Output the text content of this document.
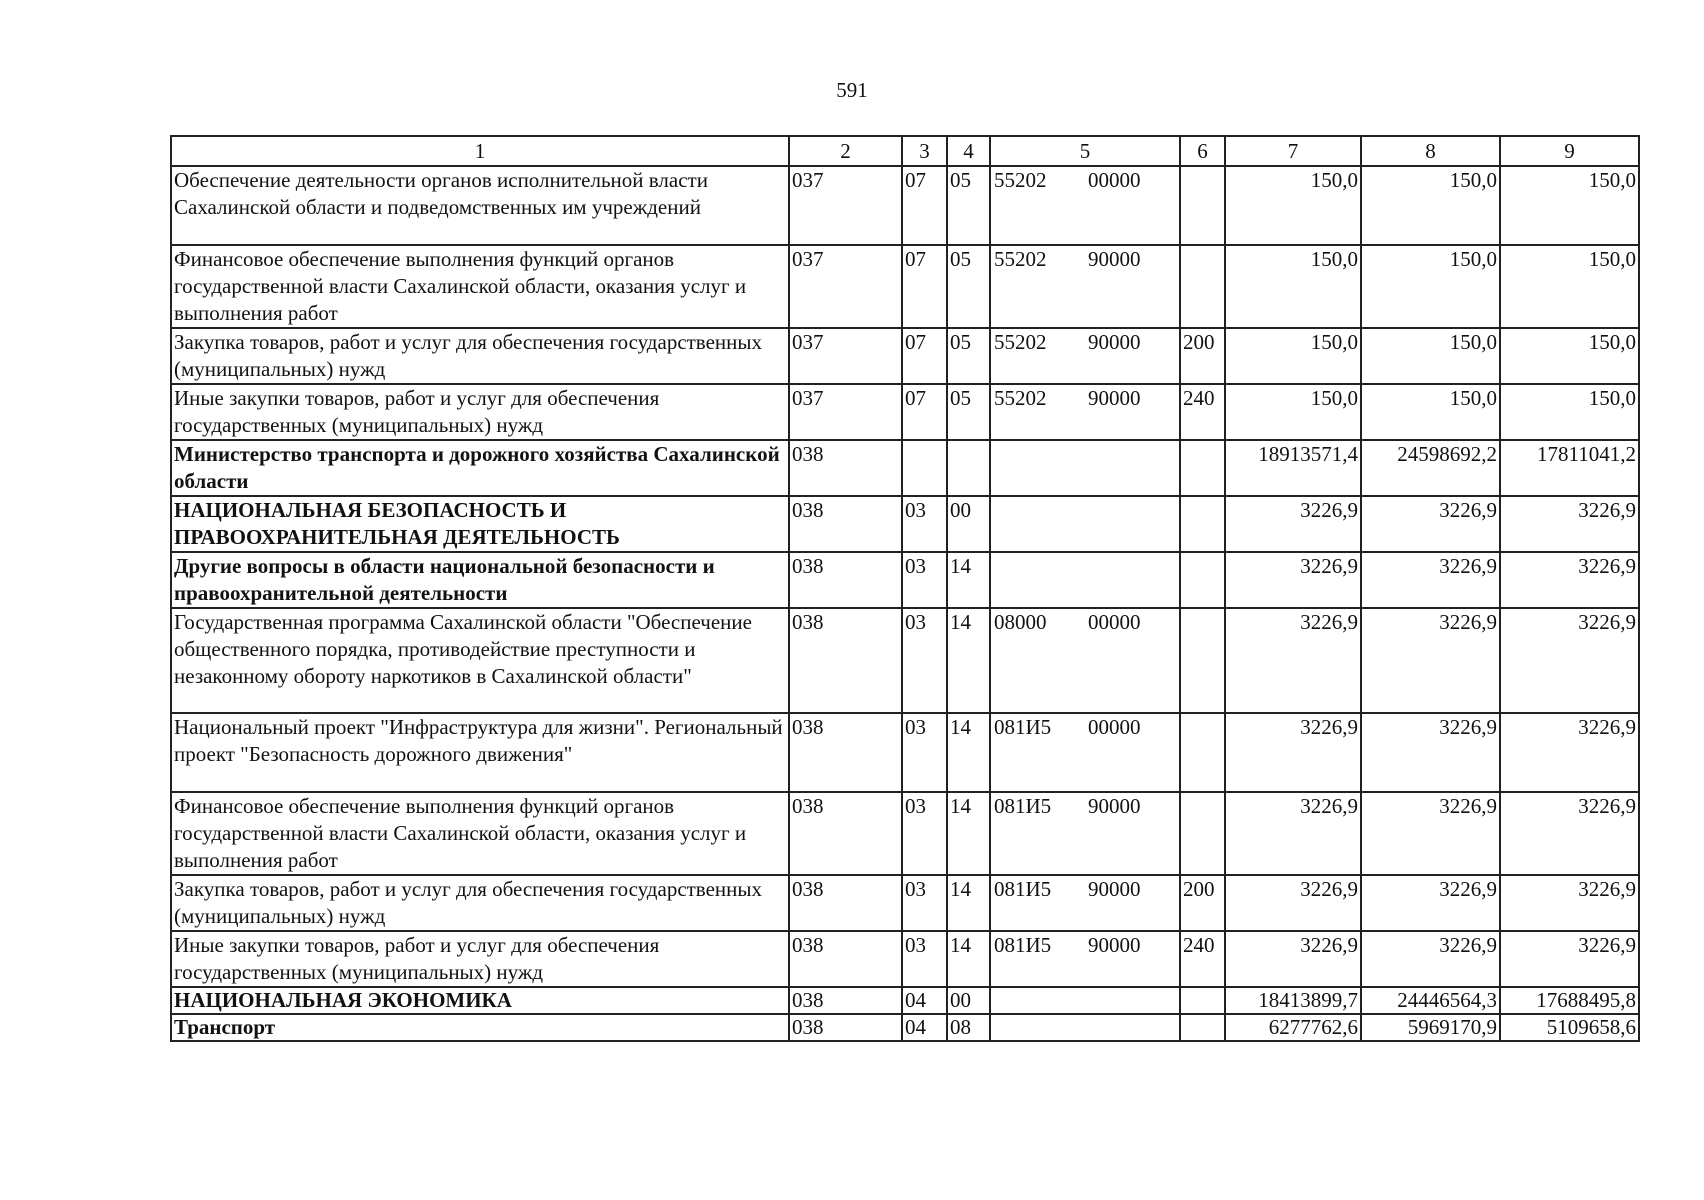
591
1	2	3	4	5	6	7	8	9
Обеспечение деятельности органов исполнительной власти Сахалинской области и подведомственных им учреждений	037	07	05	55202 00000		150,0	150,0	150,0
Финансовое обеспечение выполнения функций органов государственной власти Сахалинской области, оказания услуг и выполнения работ	037	07	05	55202 90000		150,0	150,0	150,0
Закупка товаров, работ и услуг для обеспечения государственных (муниципальных) нужд	037	07	05	55202 90000	200	150,0	150,0	150,0
Иные закупки товаров, работ и услуг для обеспечения государственных (муниципальных) нужд	037	07	05	55202 90000	240	150,0	150,0	150,0
Министерство транспорта и дорожного хозяйства Сахалинской области	038					18913571,4	24598692,2	17811041,2
НАЦИОНАЛЬНАЯ БЕЗОПАСНОСТЬ И ПРАВООХРАНИТЕЛЬНАЯ ДЕЯТЕЛЬНОСТЬ	038	03	00			3226,9	3226,9	3226,9
Другие вопросы в области национальной безопасности и правоохранительной деятельности	038	03	14			3226,9	3226,9	3226,9
Государственная программа Сахалинской области "Обеспечение общественного порядка, противодействие преступности и незаконному обороту наркотиков в Сахалинской области"	038	03	14	08000 00000		3226,9	3226,9	3226,9
Национальный проект "Инфраструктура для жизни". Региональный проект "Безопасность дорожного движения"	038	03	14	081И5 00000		3226,9	3226,9	3226,9
Финансовое обеспечение выполнения функций органов государственной власти Сахалинской области, оказания услуг и выполнения работ	038	03	14	081И5 90000		3226,9	3226,9	3226,9
Закупка товаров, работ и услуг для обеспечения государственных (муниципальных) нужд	038	03	14	081И5 90000	200	3226,9	3226,9	3226,9
Иные закупки товаров, работ и услуг для обеспечения государственных (муниципальных) нужд	038	03	14	081И5 90000	240	3226,9	3226,9	3226,9
НАЦИОНАЛЬНАЯ ЭКОНОМИКА	038	04	00			18413899,7	24446564,3	17688495,8
Транспорт	038	04	08			6277762,6	5969170,9	5109658,6
